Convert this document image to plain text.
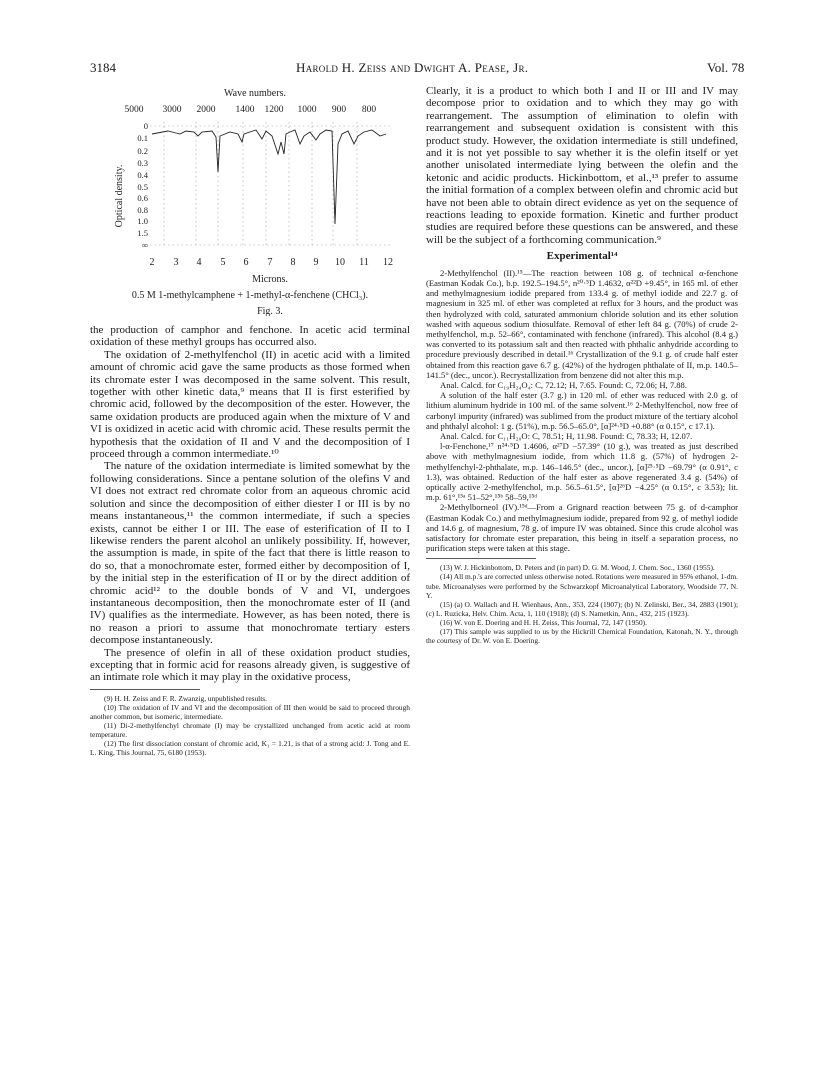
3184	Harold H. Zeiss and Dwight A. Pease, Jr.	Vol. 78
Wave numbers.
5000 3000 2000 1400 1200 1000 900 800
Optical density.
0
0.1
0.2
0.3
0.4
0.5
0.6
0.8
1.0
1.5
∞
2 3 4 5 6 7 8 9 10 11 12
Microns.
0.5 M 1-methylcamphene + 1-methyl-α-fenchene (CHCl₃).
Fig. 3.

the production of camphor and fenchone. In acetic acid terminal oxidation of these methyl groups has occurred also.

The oxidation of 2-methylfenchol (II) in acetic acid with a limited amount of chromic acid gave the same products as those formed when its chromate ester I was decomposed in the same solvent. This result, together with other kinetic data,⁹ means that II is first esterified by chromic acid, followed by the decomposition of the ester. However, the same oxidation products are produced again when the mixture of V and VI is oxidized in acetic acid with chromic acid. These results permit the hypothesis that the oxidation of II and V and the decomposition of I proceed through a common intermediate.¹⁰

The nature of the oxidation intermediate is limited somewhat by the following considerations. Since a pentane solution of the olefins V and VI does not extract red chromate color from an aqueous chromic acid solution and since the decomposition of either diester I or III is by no means instantaneous,¹¹ the common intermediate, if such a species exists, cannot be either I or III. The ease of esterification of II to I likewise renders the parent alcohol an unlikely possibility. If, however, the assumption is made, in spite of the fact that there is little reason to do so, that a monochromate ester, formed either by decomposition of I, by the initial step in the esterification of II or by the direct addition of chromic acid¹² to the double bonds of V and VI, undergoes instantaneous decomposition, then the monochromate ester of II (and IV) qualifies as the intermediate. However, as has been noted, there is no reason a priori to assume that monochromate tertiary esters decompose instantaneously.

The presence of olefin in all of these oxidation product studies, excepting that in formic acid for reasons already given, is suggestive of an intimate role which it may play in the oxidative process,

(9) H. H. Zeiss and F. R. Zwanzig, unpublished results.

(10) The oxidation of IV and VI and the decomposition of III then would be said to proceed through another common, but isomeric, intermediate.

(11) Di-2-methylfenchyl chromate (I) may be crystallized unchanged from acetic acid at room temperature.

(12) The first dissociation constant of chromic acid, K₁ = 1.21, is that of a strong acid: J. Tong and E. L. King, This Journal, 75, 6180 (1953).

Clearly, it is a product to which both I and II or III and IV may decompose prior to oxidation and to which they may go with rearrangement. The assumption of elimination to olefin with rearrangement and subsequent oxidation is consistent with this product study. However, the oxidation intermediate is still undefined, and it is not yet possible to say whether it is the olefin itself or yet another unisolated intermediate lying between the olefin and the ketonic and acidic products. Hickinbottom, et al.,¹³ prefer to assume the initial formation of a complex between olefin and chromic acid but have not been able to obtain direct evidence as yet on the sequence of reactions leading to epoxide formation. Kinetic and further product studies are required before these questions can be answered, and these will be the subject of a forthcoming communication.⁹

Experimental¹⁴

2-Methylfenchol (II).¹⁵—The reaction between 108 g. of technical α-fenchone (Eastman Kodak Co.), b.p. 192.5–194.5°, n²⁰·⁵D 1.4632, α²²D +9.45°, in 165 ml. of ether and methylmagnesium iodide prepared from 133.4 g. of methyl iodide and 22.7 g. of magnesium in 325 ml. of ether was completed at reflux for 3 hours, and the product was then hydrolyzed with cold, saturated ammonium chloride solution and its ether solution washed with aqueous sodium thiosulfate. Removal of ether left 84 g. (70%) of crude 2-methylfenchol, m.p. 52–66°, contaminated with fenchone (infrared). This alcohol (8.4 g.) was converted to its potassium salt and then reacted with phthalic anhydride according to procedure previously described in detail.¹⁶ Crystallization of the 9.1 g. of crude half ester obtained from this reaction gave 6.7 g. (42%) of the hydrogen phthalate of II, m.p. 140.5–141.5° (dec., uncor.). Recrystallization from benzene did not alter this m.p.

Anal. Calcd. for C₁₉H₂₄O₄: C, 72.12; H, 7.65. Found: C, 72.06; H, 7.88.

A solution of the half ester (3.7 g.) in 120 ml. of ether was reduced with 2.0 g. of lithium aluminum hydride in 100 ml. of the same solvent.¹⁶ 2-Methylfenchol, now free of carbonyl impurity (infrared) was sublimed from the product mixture of the tertiary alcohol and phthalyl alcohol: 1 g. (51%), m.p. 56.5–65.0°, [α]²⁴·⁵D +0.88° (α 0.15°, c 17.1).

Anal. Calcd. for C₁₁H₂₀O: C, 78.51; H, 11.98. Found: C, 78.33; H, 12.07.

l-α-Fenchone,¹⁷ n²⁴·⁵D 1.4606, α²⁷D −57.39° (10 g.), was treated as just described above with methylmagnesium iodide, from which 11.8 g. (57%) of hydrogen 2-methylfenchyl-2-phthalate, m.p. 146–146.5° (dec., uncor.), [α]²⁵·⁵D −69.79° (α 0.91°, c 1.3), was obtained. Reduction of the half ester as above regenerated 3.4 g. (54%) of optically active 2-methylfenchol, m.p. 56.5–61.5°, [α]²⁶D −4.25° (α 0.15°, c 3.53); lit. m.p. 61°,¹⁵ᵃ 51–52°,¹⁵ᵇ 58–59,¹⁵ᵈ

2-Methylborneol (IV).¹⁵ᵈ—From a Grignard reaction between 75 g. of d-camphor (Eastman Kodak Co.) and methylmagnesium iodide, prepared from 92 g. of methyl iodide and 14.6 g. of magnesium, 78 g. of impure IV was obtained. Since this crude alcohol was satisfactory for chromate ester preparation, this being in itself a separation process, no purification steps were taken at this stage.

(13) W. J. Hickinbottom, D. Peters and (in part) D. G. M. Wood, J. Chem. Soc., 1360 (1955).

(14) All m.p.'s are corrected unless otherwise noted. Rotations were measured in 95% ethanol, 1-dm. tube. Microanalyses were performed by the Schwarzkopf Microanalytical Laboratory, Woodside 77, N. Y.

(15) (a) O. Wallach and H. Wienhaus, Ann., 353, 224 (1907); (b) N. Zelinski, Ber., 34, 2883 (1901); (c) L. Ruzicka, Helv. Chim. Acta, 1, 110 (1918); (d) S. Nametkin, Ann., 432, 215 (1923).

(16) W. von E. Doering and H. H. Zeiss, This Journal, 72, 147 (1950).

(17) This sample was supplied to us by the Hickrill Chemical Foundation, Katonah, N. Y., through the courtesy of Dr. W. von E. Doering.
